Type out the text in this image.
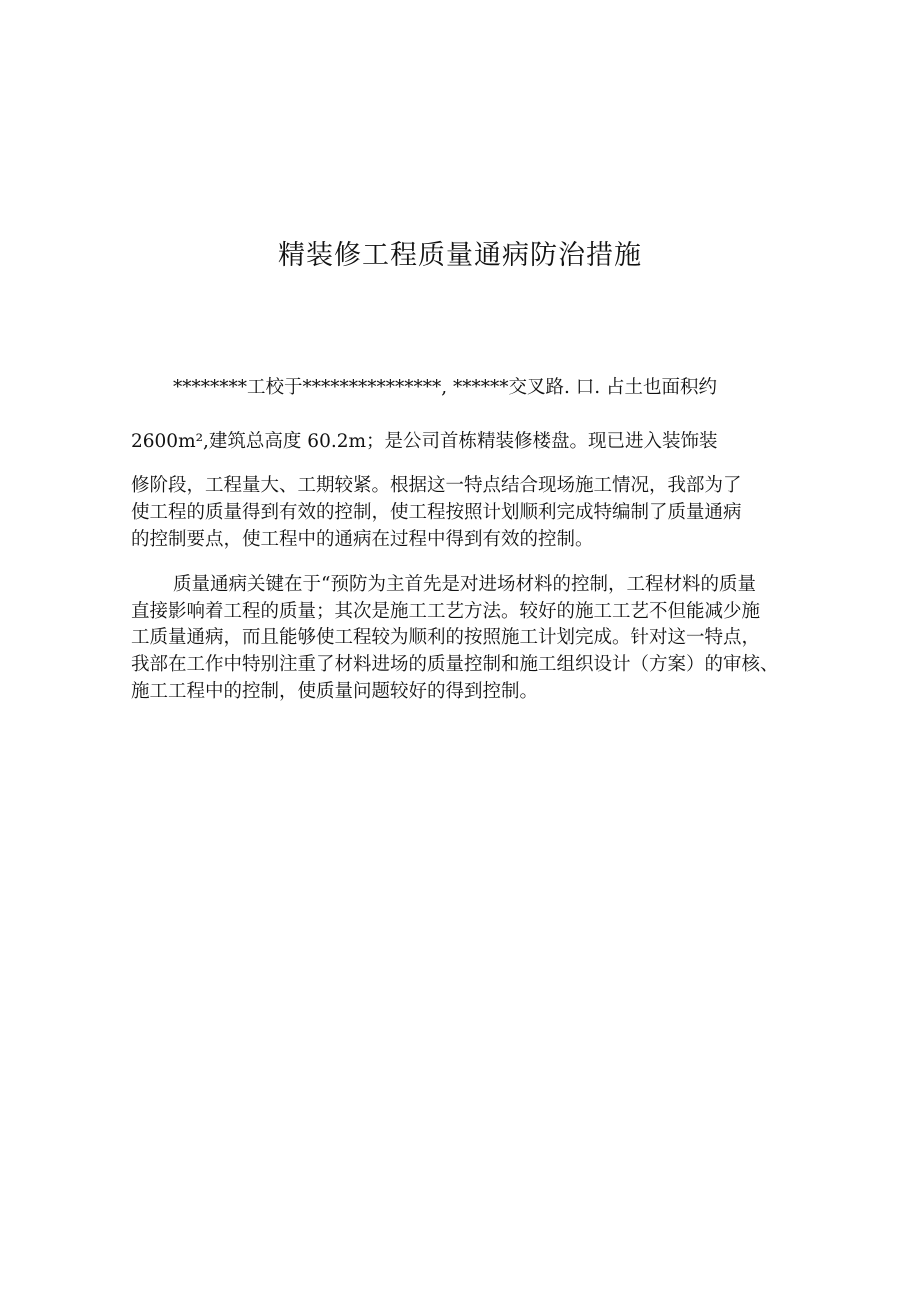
精装修工程质量通病防治措施

********工校于***************, ******交叉路. 口. 占土也面积约

2600m²,建筑总高度 60.2m；是公司首栋精装修楼盘。现已进入装饰装

修阶段，工程量大、工期较紧。根据这一特点结合现场施工情况，我部为了

使工程的质量得到有效的控制，使工程按照计划顺利完成特编制了质量通病

的控制要点，使工程中的通病在过程中得到有效的控制。

质量通病关键在于“预防为主首先是对进场材料的控制，工程材料的质量

直接影响着工程的质量；其次是施工工艺方法。较好的施工工艺不但能减少施

工质量通病，而且能够使工程较为顺利的按照施工计划完成。针对这一特点，

我部在工作中特别注重了材料进场的质量控制和施工组织设计（方案）的审核、

施工工程中的控制，使质量问题较好的得到控制。
